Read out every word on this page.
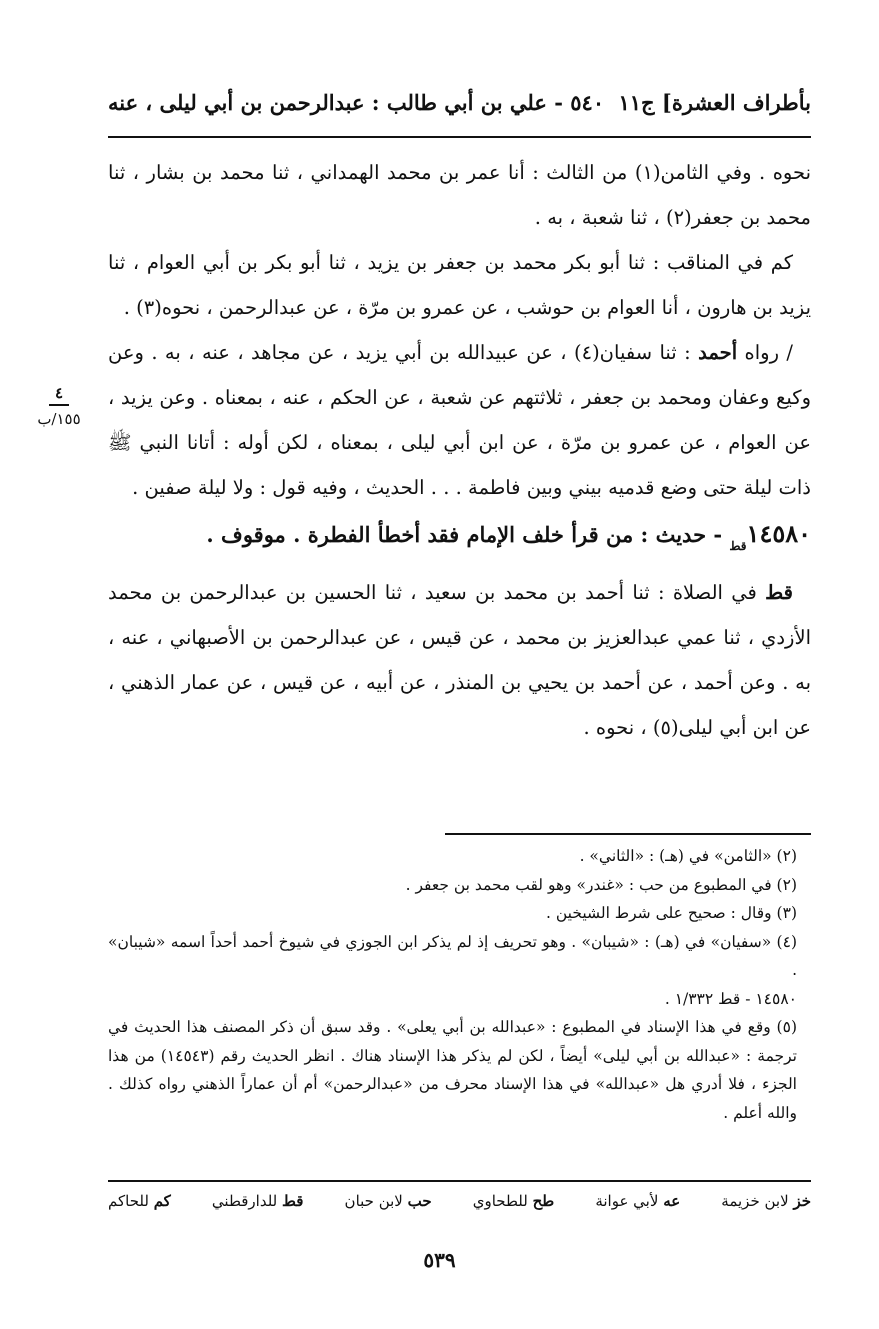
بأطراف العشرة] ج١١
٥٤٠ - علي بن أبي طالب : عبدالرحمن بن أبي ليلى ، عنه
٤
١٥٥/ب

نحوه . وفي الثامن(١) من الثالث : أنا عمر بن محمد الهمداني ، ثنا محمد بن بشار ، ثنا محمد بن جعفر(٢) ، ثنا شعبة ، به .

كم في المناقب : ثنا أبو بكر محمد بن جعفر بن يزيد ، ثنا أبو بكر بن أبي العوام ، ثنا يزيد بن هارون ، أنا العوام بن حوشب ، عن عمرو بن مرّة ، عن عبدالرحمن ، نحوه(٣) .

/ رواه أحمد : ثنا سفيان(٤) ، عن عبيدالله بن أبي يزيد ، عن مجاهد ، عنه ، به . وعن وكيع وعفان ومحمد بن جعفر ، ثلاثتهم عن شعبة ، عن الحكم ، عنه ، بمعناه . وعن يزيد ، عن العوام ، عن عمرو بن مرّة ، عن ابن أبي ليلى ، بمعناه ، لكن أوله : أتانا النبي ﷺ ذات ليلة حتى وضع قدميه بيني وبين فاطمة . . . الحديث ، وفيه قول : ولا ليلة صفين .

$١٤٥٨٠_{قط}$ - حديث : من قرأ خلف الإمام فقد أخطأ الفطرة . موقوف .

قط في الصلاة : ثنا أحمد بن محمد بن سعيد ، ثنا الحسين بن عبدالرحمن بن محمد الأزدي ، ثنا عمي عبدالعزيز بن محمد ، عن قيس ، عن عبدالرحمن بن الأصبهاني ، عنه ، به . وعن أحمد ، عن أحمد بن يحيي بن المنذر ، عن أبيه ، عن قيس ، عن عمار الذهني ، عن ابن أبي ليلى(٥) ، نحوه .

(٢) «الثامن» في (هـ) : «الثاني» .

(٢) في المطبوع من حب : «غندر» وهو لقب محمد بن جعفر .

(٣) وقال : صحيح على شرط الشيخين .

(٤) «سفيان» في (هـ) : «شيبان» . وهو تحريف إذ لم يذكر ابن الجوزي في شيوخ أحمد أحداً اسمه «شيبان» .

١٤٥٨٠ - قط ١/٣٣٢ .

(٥) وقع في هذا الإسناد في المطبوع : «عبدالله بن أبي يعلى» . وقد سبق أن ذكر المصنف هذا الحديث في ترجمة : «عبدالله بن أبي ليلى» أيضاً ، لكن لم يذكر هذا الإسناد هناك . انظر الحديث رقم (١٤٥٤٣) من هذا الجزء ، فلا أدري هل «عبدالله» في هذا الإسناد محرف من «عبدالرحمن» أم أن عماراً الذهني رواه كذلك . والله أعلم .

خز لابن خزيمة
عه لأبي عوانة
طح للطحاوي
حب لابن حبان
قط للدارقطني
كم للحاكم
٥٣٩
